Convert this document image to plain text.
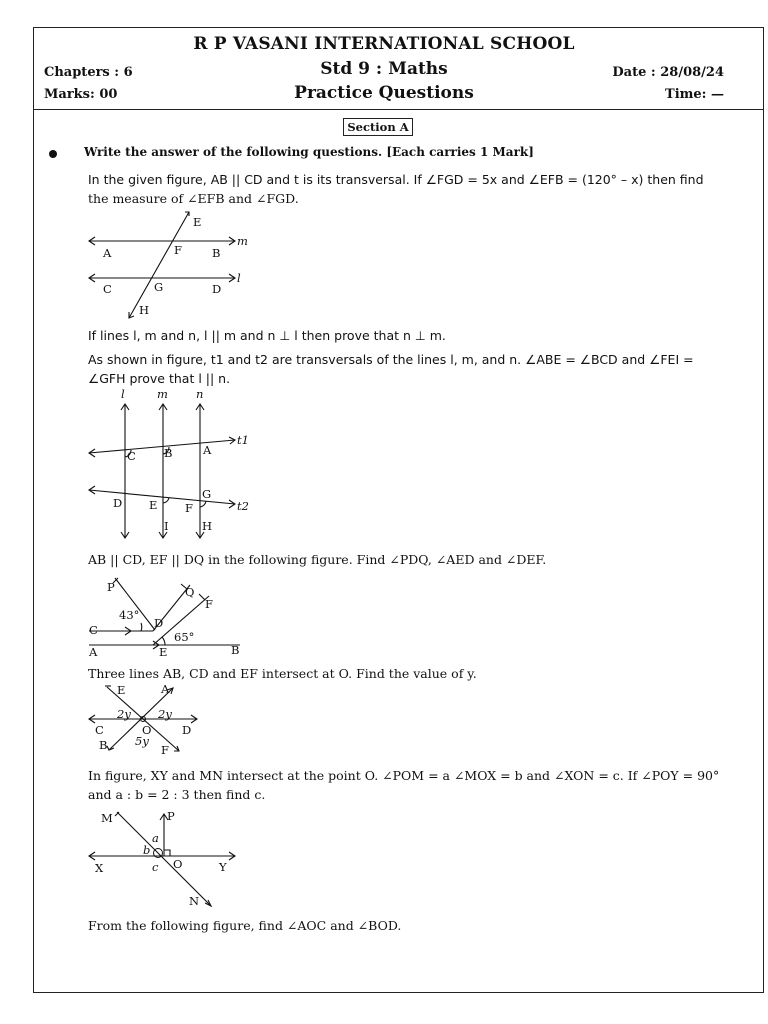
R P VASANI INTERNATIONAL SCHOOL
Std 9 : Maths
Practice Questions
Chapters : 6
Marks: 00
Date : 28/08/24
Time: —
Section A
Write the answer of the following questions. [Each carries 1 Mark]
In the given figure, AB || CD and t is its transversal. If ∠FGD = 5x and ∠EFB = (120° – x) then find
the measure of ∠EFB and ∠FGD.
E
m
A	F	B
l
C	G	D
H
If lines l, m and n, l || m and n ⊥ l then prove that n ⊥ m.
As shown in figure, t1 and t2 are transversals of the lines l, m, and n. ∠ABE = ∠BCD and ∠FEI =
∠GFH prove that l || n.
l	m n
t1
C B	A
D E F
G
t2
I	H
AB || CD, EF || DQ in the following figure. Find ∠PDQ, ∠AED and ∠DEF.
P	Q
F
43°
D
C	65°
A	E	B
Three lines AB, CD and EF intersect at O. Find the value of y.
E	A
2y 2y
C	O	D
B 5y
F
In figure, XY and MN intersect at the point O. ∠POM = a ∠MOX = b and ∠XON = c. If ∠POY = 90°
and a : b = 2 : 3 then find c.
M	P
a
b
X	c O	Y
N
From the following figure, find ∠AOC and ∠BOD.
